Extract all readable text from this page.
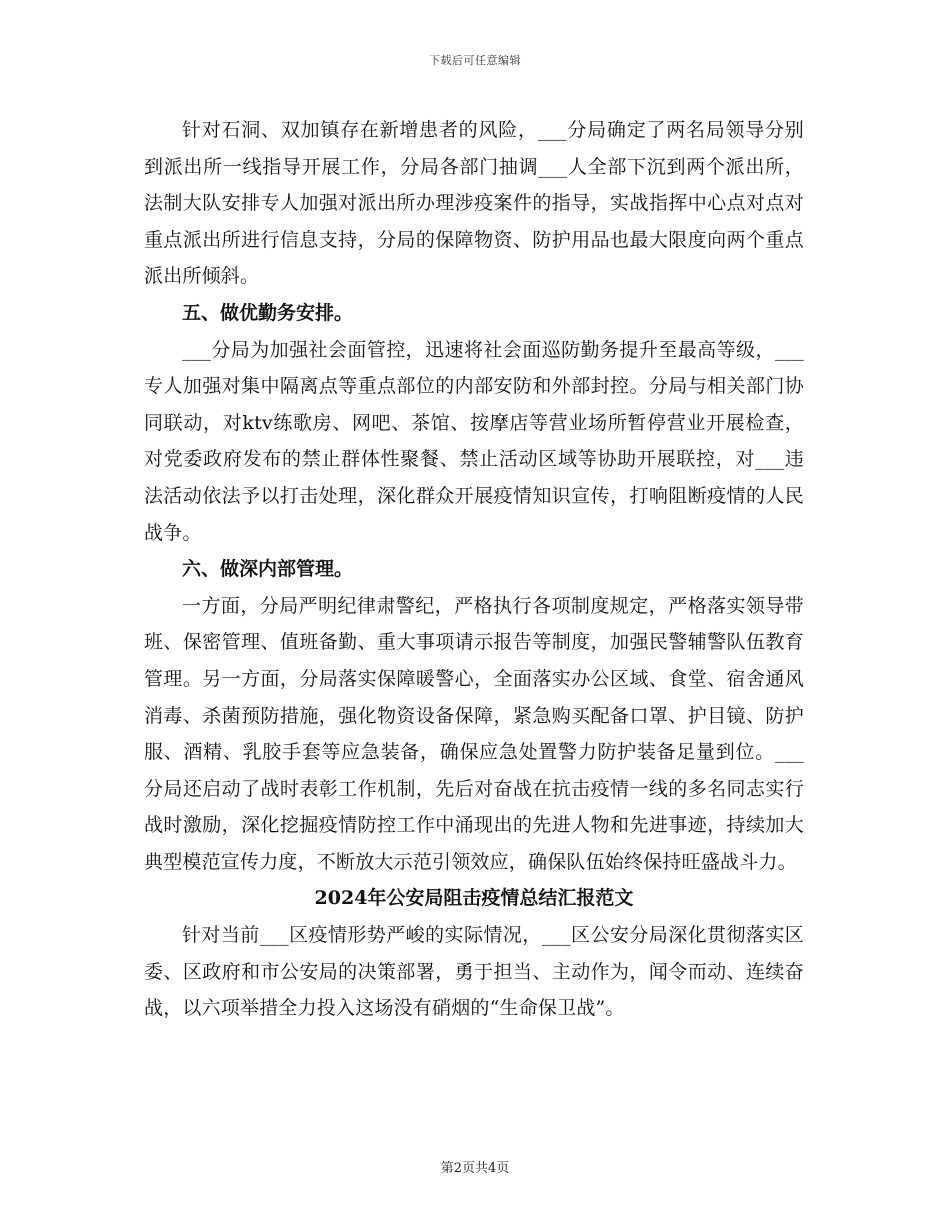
下载后可任意编辑

针对石洞、双加镇存在新增患者的风险，___分局确定了两名局领导分别到派出所一线指导开展工作，分局各部门抽调___人全部下沉到两个派出所，法制大队安排专人加强对派出所办理涉疫案件的指导，实战指挥中心点对点对重点派出所进行信息支持，分局的保障物资、防护用品也最大限度向两个重点派出所倾斜。

五、做优勤务安排。

___分局为加强社会面管控，迅速将社会面巡防勤务提升至最高等级，___专人加强对集中隔离点等重点部位的内部安防和外部封控。分局与相关部门协同联动，对ktv练歌房、网吧、茶馆、按摩店等营业场所暂停营业开展检查，对党委政府发布的禁止群体性聚餐、禁止活动区域等协助开展联控，对___违法活动依法予以打击处理，深化群众开展疫情知识宣传，打响阻断疫情的人民战争。

六、做深内部管理。

一方面，分局严明纪律肃警纪，严格执行各项制度规定，严格落实领导带班、保密管理、值班备勤、重大事项请示报告等制度，加强民警辅警队伍教育管理。另一方面，分局落实保障暖警心，全面落实办公区域、食堂、宿舍通风消毒、杀菌预防措施，强化物资设备保障，紧急购买配备口罩、护目镜、防护服、酒精、乳胶手套等应急装备，确保应急处置警力防护装备足量到位。___分局还启动了战时表彰工作机制，先后对奋战在抗击疫情一线的多名同志实行战时激励，深化挖掘疫情防控工作中涌现出的先进人物和先进事迹，持续加大典型模范宣传力度，不断放大示范引领效应，确保队伍始终保持旺盛战斗力。

2024年公安局阻击疫情总结汇报范文

针对当前___区疫情形势严峻的实际情况，___区公安分局深化贯彻落实区委、区政府和市公安局的决策部署，勇于担当、主动作为，闻令而动、连续奋战，以六项举措全力投入这场没有硝烟的“生命保卫战”。

第2页共4页
